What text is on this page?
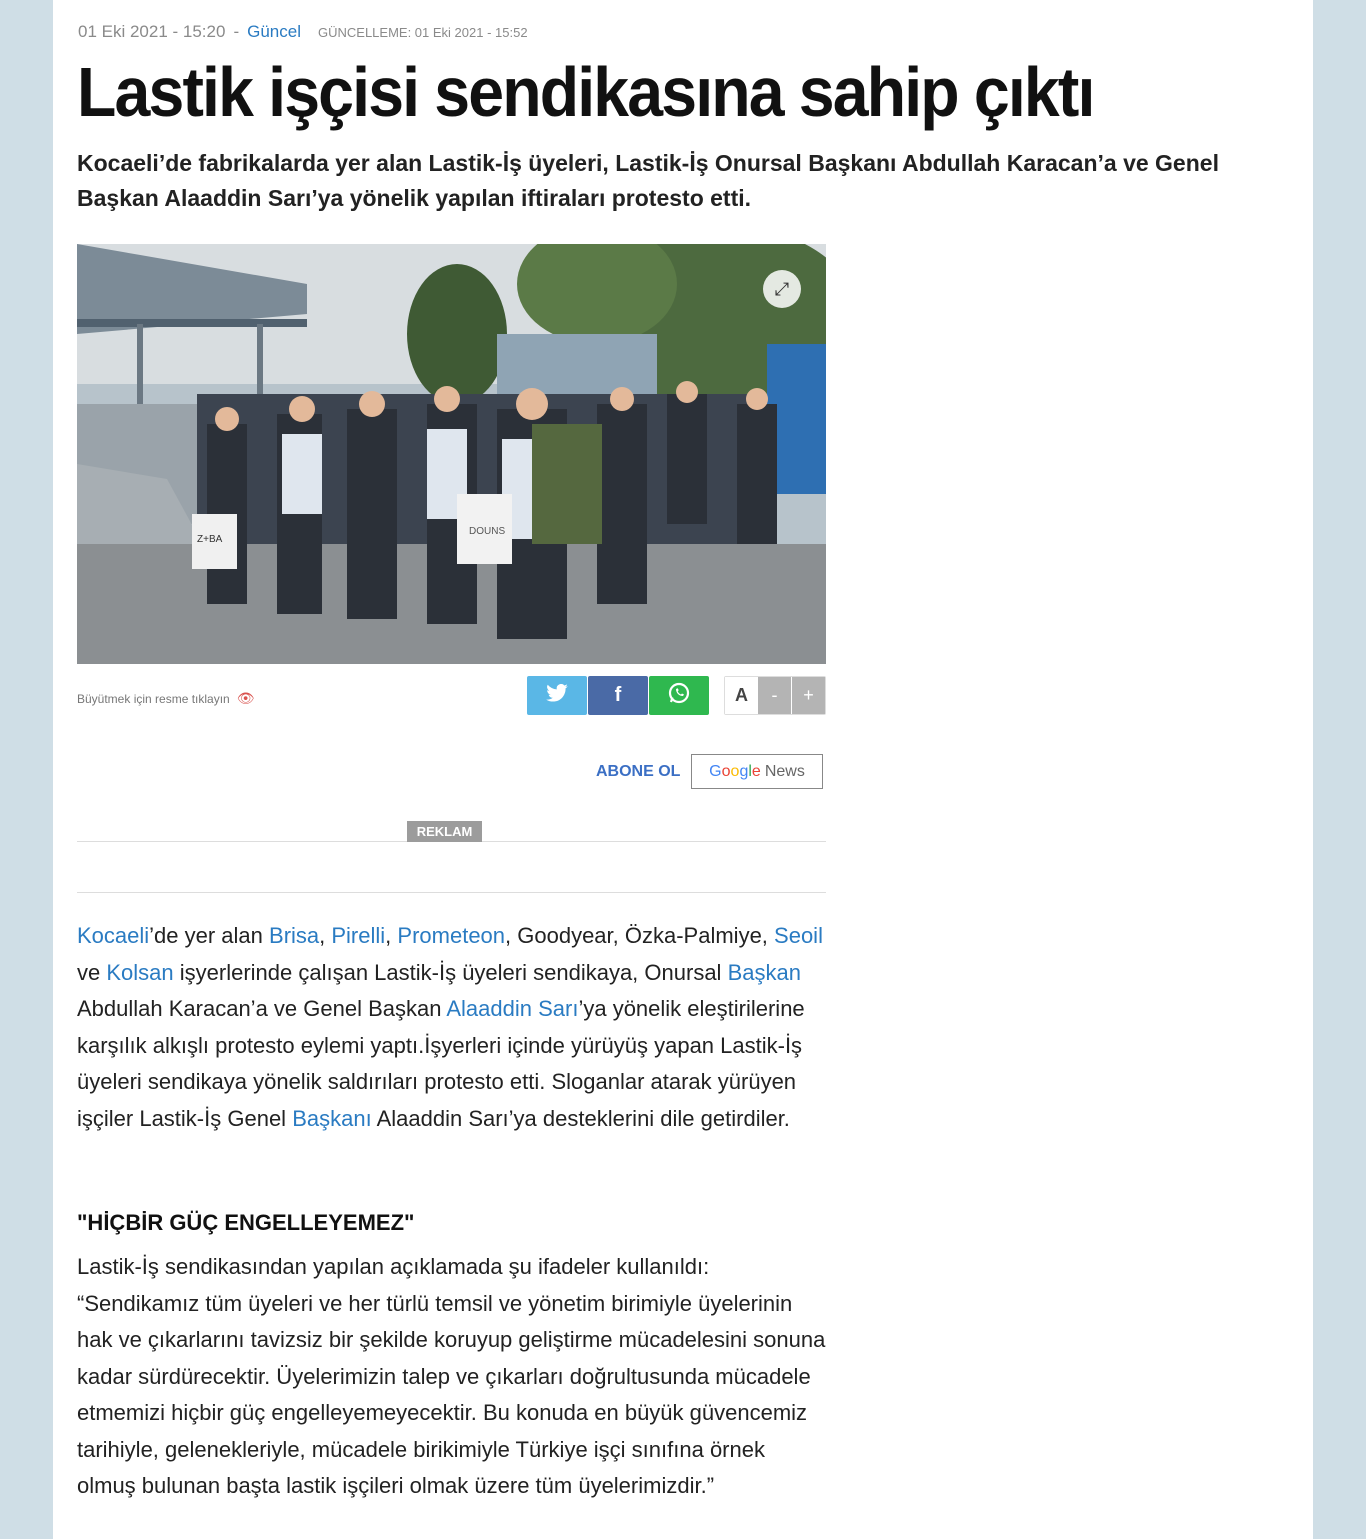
01 Eki 2021 - 15:20 - Güncel GÜNCELLEME: 01 Eki 2021 - 15:52
Lastik işçisi sendikasına sahip çıktı

Kocaeli’de fabrikalarda yer alan Lastik-İş üyeleri, Lastik-İş Onursal Başkanı Abdullah Karacan’a ve Genel Başkan Alaaddin Sarı’ya yönelik yapılan iftiraları protesto etti.

DOUNS
Z+BA
⤢
Büyütmek için resme tıklayın 👁	f	A	-	+
ABONE OL G o o g l e News
REKLAM

Kocaeli’de yer alan Brisa, Pirelli, Prometeon, Goodyear, Özka-Palmiye, Seoil ve Kolsan işyerlerinde çalışan Lastik-İş üyeleri sendikaya, Onursal Başkan Abdullah Karacan’a ve Genel Başkan Alaaddin Sarı’ya yönelik eleştirilerine karşılık alkışlı protesto eylemi yaptı.İşyerleri içinde yürüyüş yapan Lastik-İş üyeleri sendikaya yönelik saldırıları protesto etti. Sloganlar atarak yürüyen işçiler Lastik-İş Genel Başkanı Alaaddin Sarı’ya desteklerini dile getirdiler.

"HİÇBİR GÜÇ ENGELLEYEMEZ"

Lastik-İş sendikasından yapılan açıklamada şu ifadeler kullanıldı: “Sendikamız tüm üyeleri ve her türlü temsil ve yönetim birimiyle üyelerinin hak ve çıkarlarını tavizsiz bir şekilde koruyup geliştirme mücadelesini sonuna kadar sürdürecektir. Üyelerimizin talep ve çıkarları doğrultusunda mücadele etmemizi hiçbir güç engelleyemeyecektir. Bu konuda en büyük güvencemiz tarihiyle, gelenekleriyle, mücadele birikimiyle Türkiye işçi sınıfına örnek olmuş bulunan başta lastik işçileri olmak üzere tüm üyelerimizdir.”
